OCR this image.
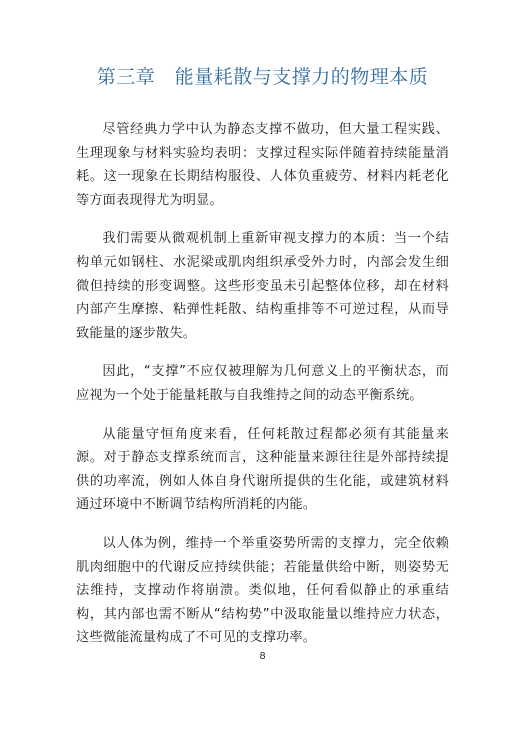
第三章　能量耗散与支撑力的物理本质

尽管经典力学中认为静态支撑不做功，但大量工程实践、生理现象与材料实验均表明：支撑过程实际伴随着持续能量消耗。这一现象在长期结构服役、人体负重疲劳、材料内耗老化等方面表现得尤为明显。

我们需要从微观机制上重新审视支撑力的本质：当一个结构单元如钢柱、水泥梁或肌肉组织承受外力时，内部会发生细微但持续的形变调整。这些形变虽未引起整体位移，却在材料内部产生摩擦、粘弹性耗散、结构重排等不可逆过程，从而导致能量的逐步散失。

因此，“支撑”不应仅被理解为几何意义上的平衡状态，而应视为一个处于能量耗散与自我维持之间的动态平衡系统。

从能量守恒角度来看，任何耗散过程都必须有其能量来源。对于静态支撑系统而言，这种能量来源往往是外部持续提供的功率流，例如人体自身代谢所提供的生化能，或建筑材料通过环境中不断调节结构所消耗的内能。

以人体为例，维持一个举重姿势所需的支撑力，完全依赖肌肉细胞中的代谢反应持续供能；若能量供给中断，则姿势无法维持，支撑动作将崩溃。类似地，任何看似静止的承重结构，其内部也需不断从“结构势”中汲取能量以维持应力状态，这些微能流量构成了不可见的支撑功率。

8
